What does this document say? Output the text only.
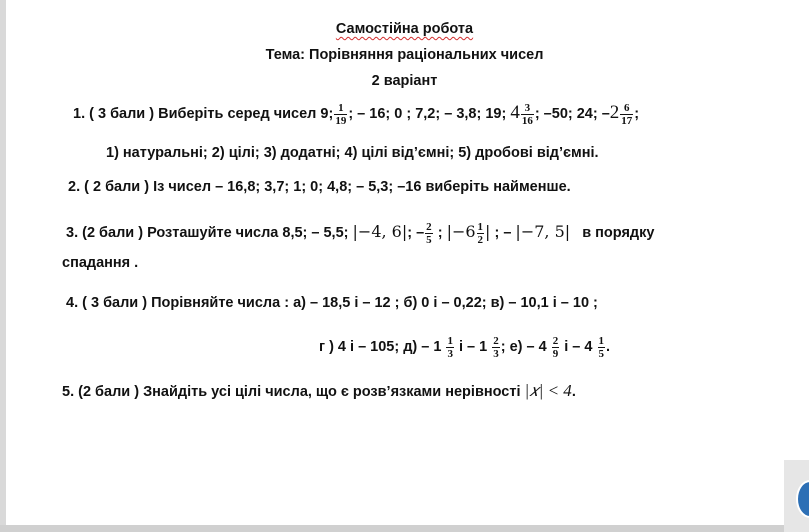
Самостійна робота
Тема: Порівняння раціональних чисел
2 варіант
1. ( 3 бали ) Виберіть серед чисел 9; $\frac{1}{19}$ ; – 16; 0 ; 7,2; – 3,8; 19; $4 \frac{3}{16}$ ; –50; 24; $-2 \frac{6}{17}$ ;
1) натуральні; 2) цілі; 3) додатні; 4) цілі від’ємні; 5) дробові від’ємні.
2. ( 2 бали ) Із чисел – 16,8; 3,7; 1; 0; 4,8; – 5,3; –16 виберіть найменше.
3. (2 бали ) Розташуйте числа 8,5; – 5,5; |−4, 6|; – $\frac{2}{5}$ ; $|-6 \frac{1}{2}$ | ; – |−7, 5| в порядку
спадання .
4. ( 3 бали ) Порівняйте числа : а) – 18,5 і – 12 ; б) 0 і – 0,22; в) – 10,1 і – 10 ;
г ) 4 і – 105; $д) - 1 \frac{1}{3}$ і – $1 \frac{2}{3}$ ; $е) - 4 \frac{2}{9}$ і – $4 \frac{1}{5}$ .
5. (2 бали ) Знайдіть усі цілі числа, що є розв’язками нерівності |𝑥| < 4.
